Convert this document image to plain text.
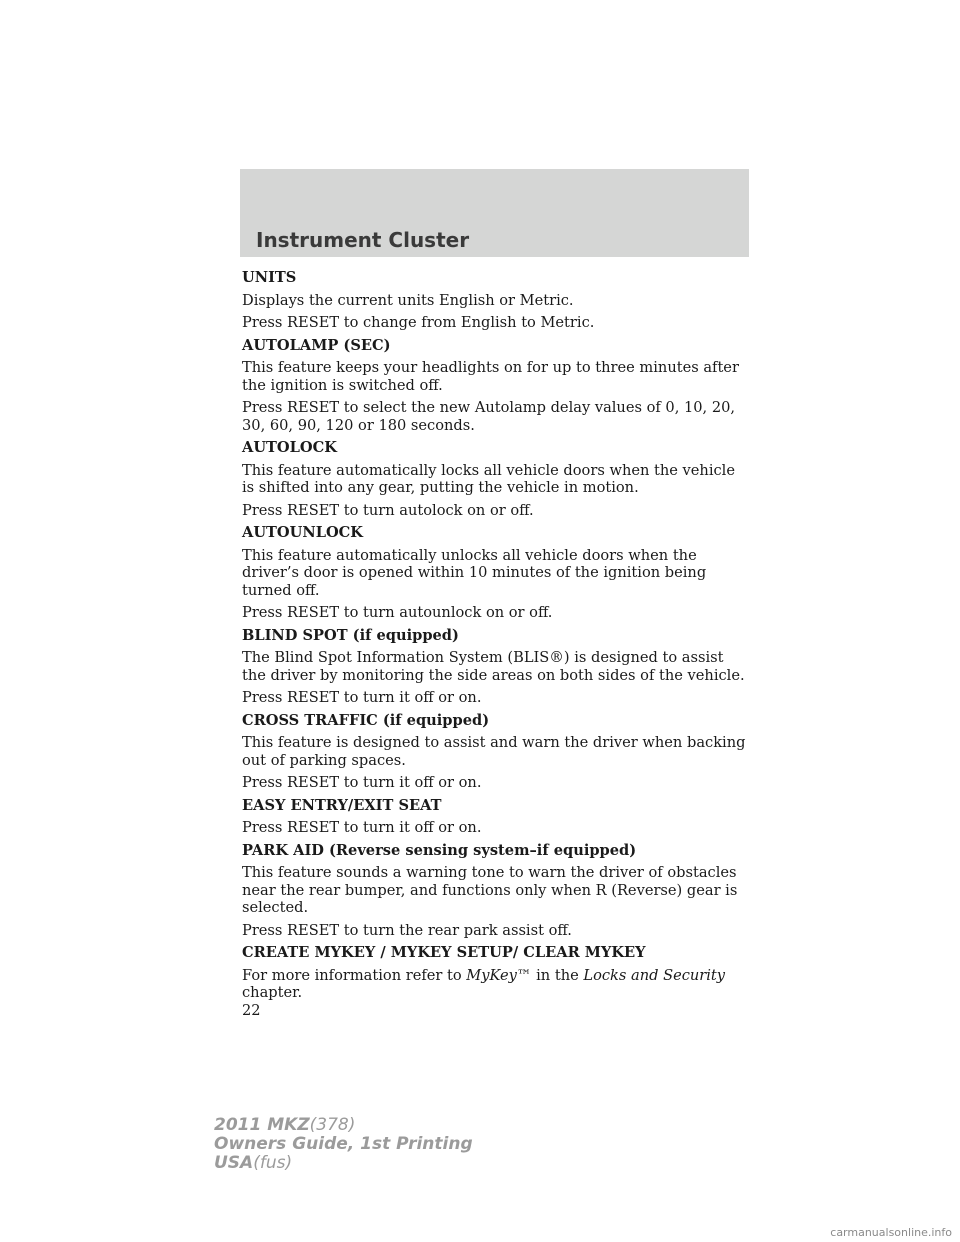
Instrument Cluster

UNITS

Displays the current units English or Metric.

Press RESET to change from English to Metric.

AUTOLAMP (SEC)

This feature keeps your headlights on for up to three minutes after the ignition is switched off.

Press RESET to select the new Autolamp delay values of 0, 10, 20, 30, 60, 90, 120 or 180 seconds.

AUTOLOCK

This feature automatically locks all vehicle doors when the vehicle is shifted into any gear, putting the vehicle in motion.

Press RESET to turn autolock on or off.

AUTOUNLOCK

This feature automatically unlocks all vehicle doors when the driver’s door is opened within 10 minutes of the ignition being turned off.

Press RESET to turn autounlock on or off.

BLIND SPOT (if equipped)

The Blind Spot Information System (BLIS®) is designed to assist the driver by monitoring the side areas on both sides of the vehicle.

Press RESET to turn it off or on.

CROSS TRAFFIC (if equipped)

This feature is designed to assist and warn the driver when backing out of parking spaces.

Press RESET to turn it off or on.

EASY ENTRY/EXIT SEAT

Press RESET to turn it off or on.

PARK AID (Reverse sensing system–if equipped)

This feature sounds a warning tone to warn the driver of obstacles near the rear bumper, and functions only when R (Reverse) gear is selected.

Press RESET to turn the rear park assist off.

CREATE MYKEY / MYKEY SETUP/ CLEAR MYKEY

For more information refer to MyKey™ in the Locks and Security chapter.

22

2011 MKZ(378)
Owners Guide, 1st Printing
USA(fus)
carmanualsonline.info
